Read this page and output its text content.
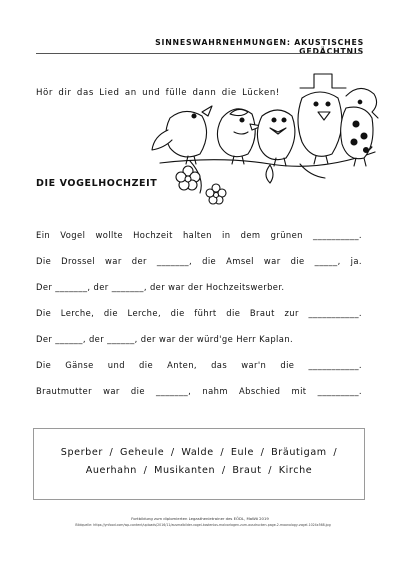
SINNESWAHRNEHMUNGEN: AKUSTISCHES GEDÄCHTNIS
Hör dir das Lied an und fülle dann die Lücken!
DIE VOGELHOCHZEIT
Ein Vogel wollte Hochzeit halten in dem grünen __________.
Die Drossel war der _______, die Amsel war die _____, ja.
Der _______, der _______, der war der Hochzeitswerber.
Die Lerche, die Lerche, die führt die Braut zur ___________.
Der ______, der ______, der war der würd'ge Herr Kaplan.
Die Gänse und die Anten, das war'n die ___________.
Brautmutter war die _______, nahm Abschied mit _________.
Sperber / Geheule / Walde / Eule / Bräutigam /
Auerhahn / Musikanten / Braut / Kirche
Fortbildung zum diplomierten Legasthenietrainer des EÖDL, MaWö 2019
Bildquelle: https://ynfood.com/wp-content/uploads/2016/11/ausmalbilder-vogel-kostenlos-malvorlagen-zum-ausdrucken-page-2-moonology-vogel-1024x568.jpg
